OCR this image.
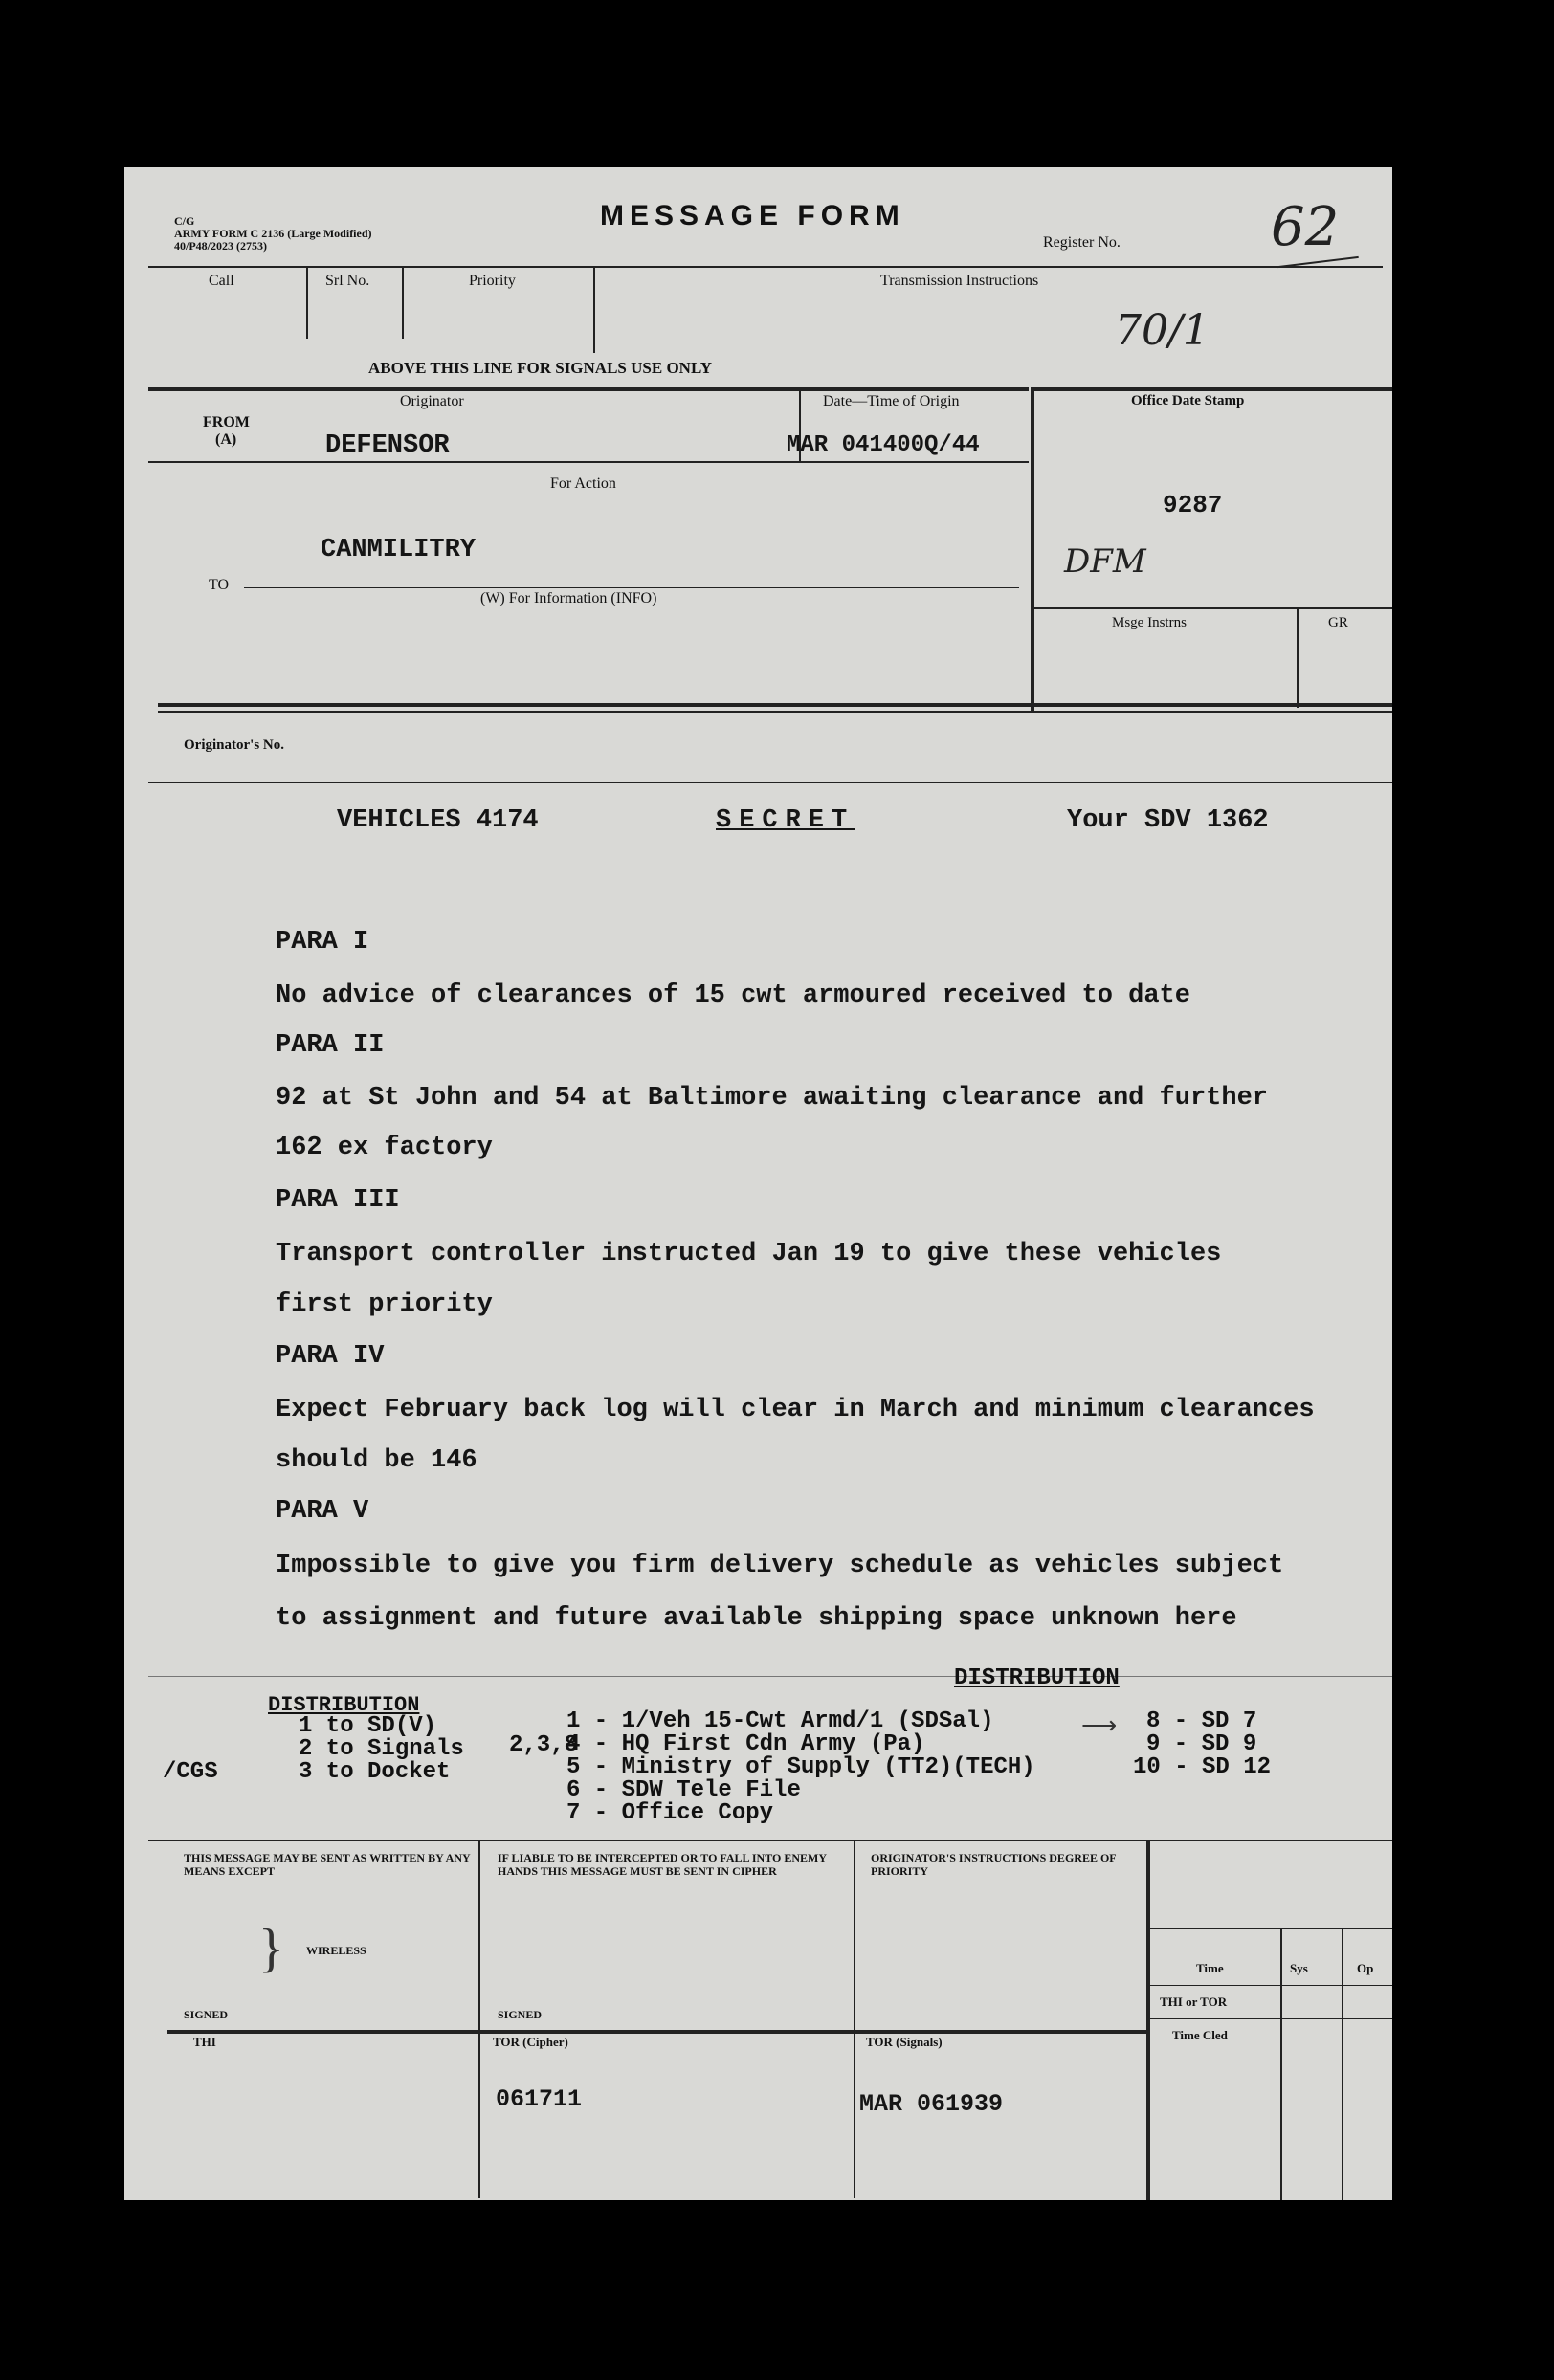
C/G
ARMY FORM C 2136 (Large Modified)
40/P48/2023 (2753)
MESSAGE FORM
Register No.	62
Call	Srl No.	Priority	Transmission Instructions
70/1
ABOVE THIS LINE FOR SIGNALS USE ONLY
Originator	Date—Time of Origin
FROM
(A)	DEFENSOR	MAR 041400Q/44
For Action
CANMILITRY
TO
(W) For Information (INFO)
Office Date Stamp
9287
DFM
Msge Instrns	GR
Originator's No.
VEHICLES 4174	SECRET	Your SDV 1362
PARA I
No advice of clearances of 15 cwt armoured received to date
PARA II
92 at St John and 54 at Baltimore awaiting clearance and further
162 ex factory
PARA III
Transport controller instructed Jan 19 to give these vehicles
first priority
PARA IV
Expect February back log will clear in March and minimum clearances
should be 146
PARA V
Impossible to give you firm delivery schedule as vehicles subject
to assignment and future available shipping space unknown here
DISTRIBUTION
DISTRIBUTION
1 to SD(V)
2 to Signals
3 to Docket
/CGS
2,3,8
1 - 1/Veh 15-Cwt Armd/1 (SDSal)
4 - HQ First Cdn Army (Pa)
5 - Ministry of Supply (TT2)(TECH)
6 - SDW Tele File
7 - Office Copy
⟶ 8 - SD 7
9 - SD 9
10 - SD 12
THIS MESSAGE MAY BE SENT AS WRITTEN BY ANY MEANS EXCEPT
} WIRELESS
SIGNED
IF LIABLE TO BE INTERCEPTED OR TO FALL INTO ENEMY HANDS THIS MESSAGE MUST BE SENT IN CIPHER
SIGNED
ORIGINATOR'S INSTRUCTIONS DEGREE OF PRIORITY
Time	Sys	Op
THI or TOR
Time Cled
THI	TOR (Cipher)
061711
TOR (Signals)
MAR 061939
